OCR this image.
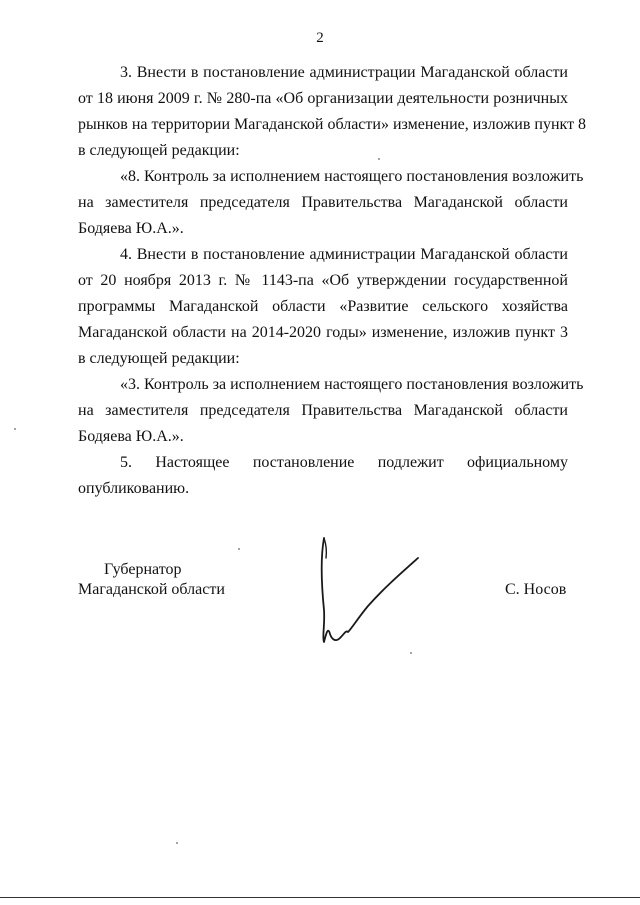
2
3. Внести в постановление администрации Магаданской области
от 18 июня 2009 г. № 280-па «Об организации деятельности розничных
рынков на территории Магаданской области» изменение, изложив пункт 8
в следующей редакции:
«8. Контроль за исполнением настоящего постановления возложить
на заместителя председателя Правительства Магаданской области
Бодяева Ю.А.».
4. Внести в постановление администрации Магаданской области
от 20 ноября 2013 г. № 1143-па «Об утверждении государственной
программы Магаданской области «Развитие сельского хозяйства
Магаданской области на 2014-2020 годы» изменение, изложив пункт 3
в следующей редакции:
«3. Контроль за исполнением настоящего постановления возложить
на заместителя председателя Правительства Магаданской области
Бодяева Ю.А.».
5. Настоящее постановление подлежит официальному
опубликованию.
Губернатор
Магаданской области	С. Носов
